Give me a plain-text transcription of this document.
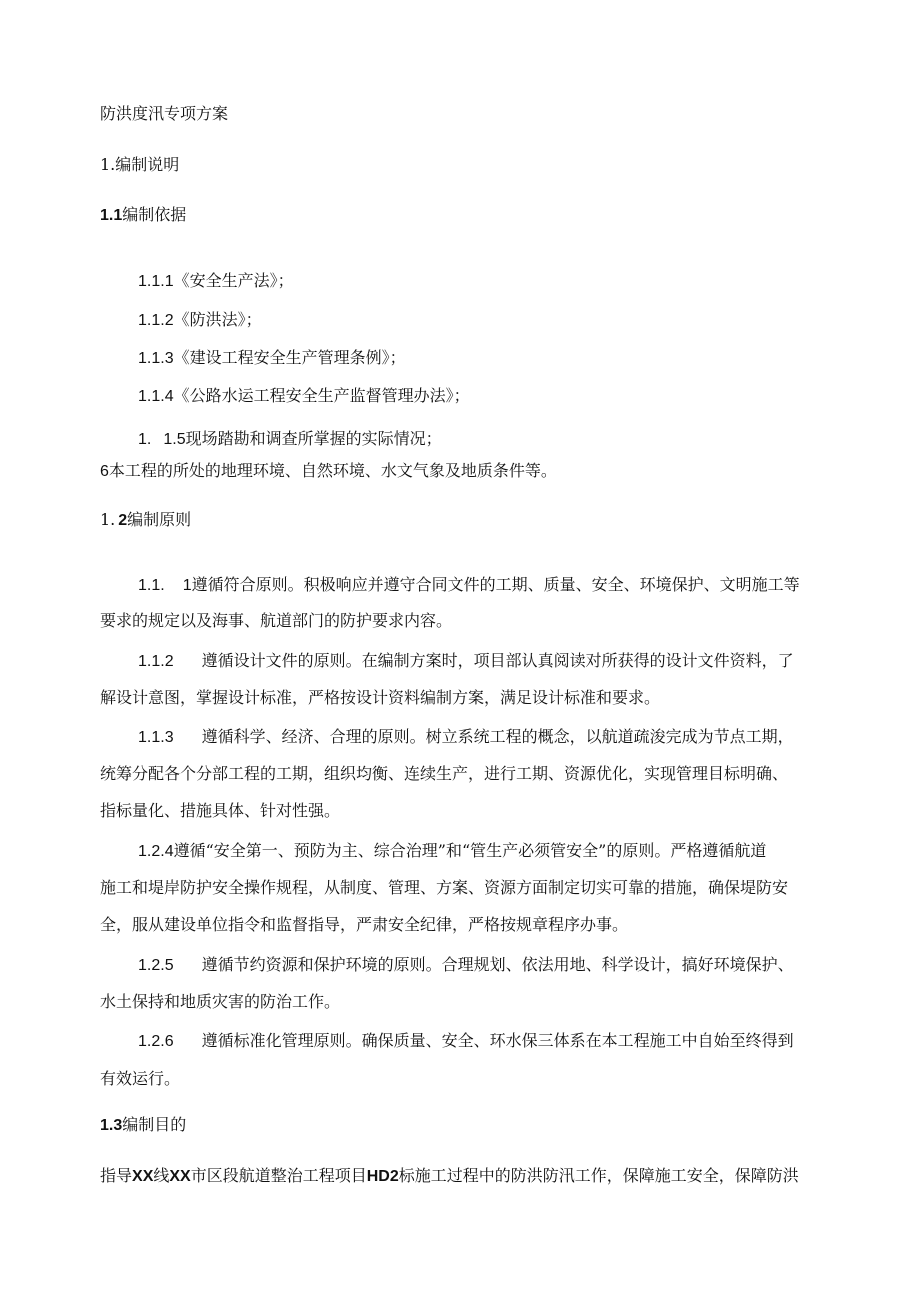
防洪度汛专项方案
1.编制说明
1.1编制依据
1.1.1《安全生产法》；
1.1.2《防洪法》；
1.1.3《建设工程安全生产管理条例》；
1.1.4《公路水运工程安全生产监督管理办法》；
1. 1.5现场踏勘和调查所掌握的实际情况；
6本工程的所处的地理环境、自然环境、水文气象及地质条件等。
1. 2编制原则
1.1. 1遵循符合原则。积极响应并遵守合同文件的工期、质量、安全、环境保护、文明施工等
要求的规定以及海事、航道部门的防护要求内容。
1.1.2 遵循设计文件的原则。在编制方案时，项目部认真阅读对所获得的设计文件资料，了
解设计意图，掌握设计标准，严格按设计资料编制方案，满足设计标准和要求。
1.1.3 遵循科学、经济、合理的原则。树立系统工程的概念，以航道疏浚完成为节点工期，
统筹分配各个分部工程的工期，组织均衡、连续生产，进行工期、资源优化，实现管理目标明确、
指标量化、措施具体、针对性强。
1.2.4遵循“安全第一、预防为主、综合治理”和“管生产必须管安全”的原则。严格遵循航道
施工和堤岸防护安全操作规程，从制度、管理、方案、资源方面制定切实可靠的措施，确保堤防安
全，服从建设单位指令和监督指导，严肃安全纪律，严格按规章程序办事。
1.2.5 遵循节约资源和保护环境的原则。合理规划、依法用地、科学设计，搞好环境保护、
水土保持和地质灾害的防治工作。
1.2.6 遵循标准化管理原则。确保质量、安全、环水保三体系在本工程施工中自始至终得到
有效运行。
1.3编制目的
指导XX线XX市区段航道整治工程项目HD2标施工过程中的防洪防汛工作，保障施工安全，保障防洪
